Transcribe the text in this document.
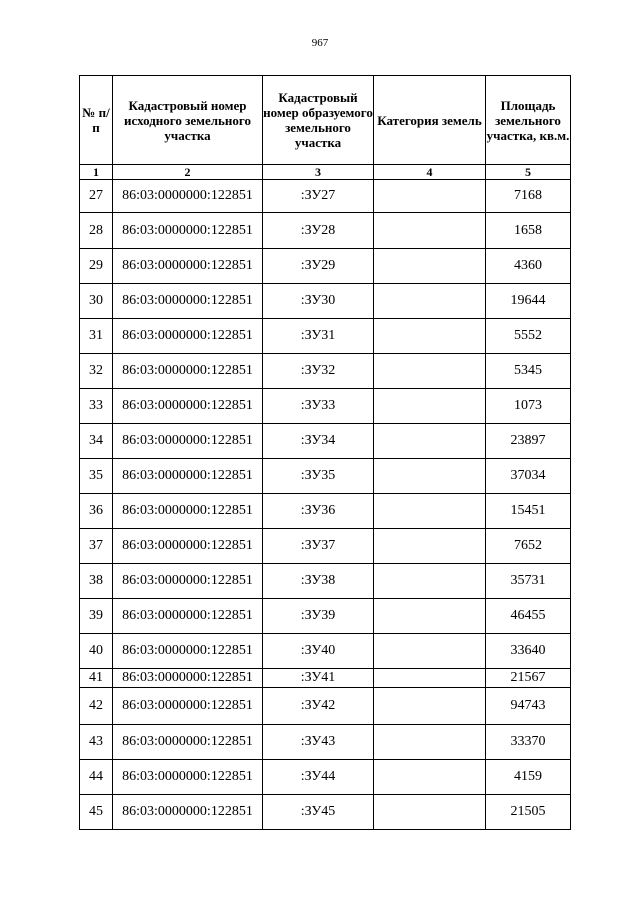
967
№ п/п	Кадастровый номер исходного земельного участка	Кадастровый номер образуемого земельного участка	Категория земель	Площадь земельного участка, кв.м.
1	2	3	4	5
27	86:03:0000000:122851	:ЗУ27		7168
28	86:03:0000000:122851	:ЗУ28		1658
29	86:03:0000000:122851	:ЗУ29		4360
30	86:03:0000000:122851	:ЗУ30		19644
31	86:03:0000000:122851	:ЗУ31		5552
32	86:03:0000000:122851	:ЗУ32		5345
33	86:03:0000000:122851	:ЗУ33		1073
34	86:03:0000000:122851	:ЗУ34		23897
35	86:03:0000000:122851	:ЗУ35		37034
36	86:03:0000000:122851	:ЗУ36		15451
37	86:03:0000000:122851	:ЗУ37		7652
38	86:03:0000000:122851	:ЗУ38		35731
39	86:03:0000000:122851	:ЗУ39		46455
40	86:03:0000000:122851	:ЗУ40		33640
41	86:03:0000000:122851	:ЗУ41		21567
42	86:03:0000000:122851	:ЗУ42		94743
43	86:03:0000000:122851	:ЗУ43		33370
44	86:03:0000000:122851	:ЗУ44		4159
45	86:03:0000000:122851	:ЗУ45		21505
